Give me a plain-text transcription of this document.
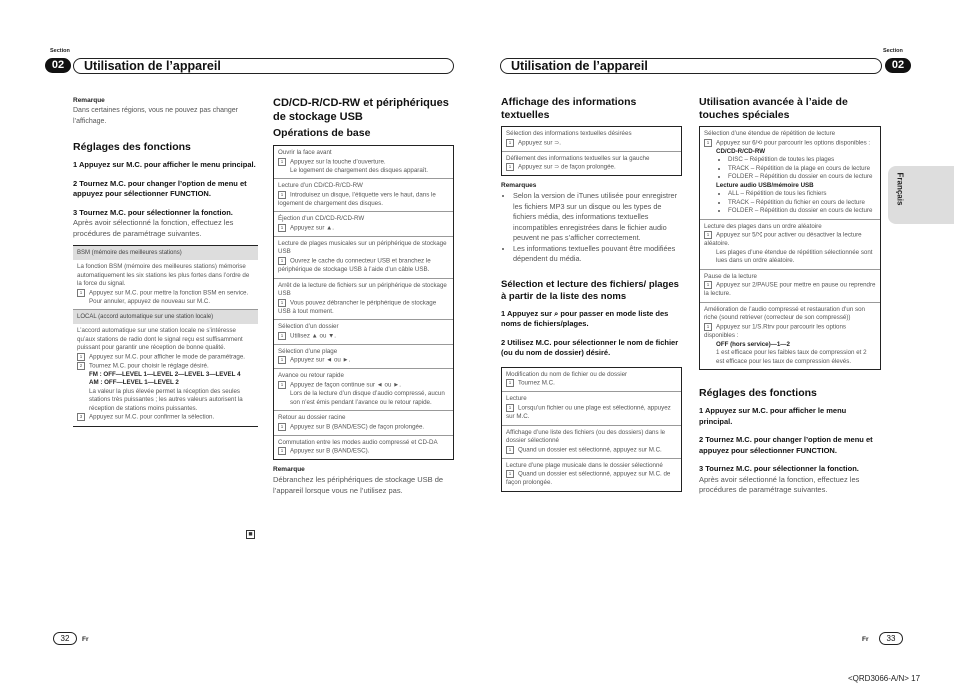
Section
02	Utilisation de l’appareil
Remarque
Dans certaines régions, vous ne pouvez pas changer l’affichage.
Réglages des fonctions
1 Appuyez sur M.C. pour afficher le menu principal.
2 Tournez M.C. pour changer l’option de menu et appuyez pour sélectionner FUNCTION.
3 Tournez M.C. pour sélectionner la fonction.
Après avoir sélectionné la fonction, effectuez les procédures de paramétrage suivantes.
BSM (mémoire des meilleures stations)
La fonction BSM (mémoire des meilleures stations) mémorise automatiquement les six stations les plus fortes dans l’ordre de la force du signal.
1 Appuyez sur M.C. pour mettre la fonction BSM en service.
Pour annuler, appuyez de nouveau sur M.C.
LOCAL (accord automatique sur une station locale)
L’accord automatique sur une station locale ne s’intéresse qu’aux stations de radio dont le signal reçu est suffisamment puissant pour garantir une réception de bonne qualité.
1 Appuyez sur M.C. pour afficher le mode de paramétrage.
2 Tournez M.C. pour choisir le réglage désiré.
FM : OFF—LEVEL 1—LEVEL 2—LEVEL 3—LEVEL 4
AM : OFF—LEVEL 1—LEVEL 2
La valeur la plus élevée permet la réception des seules stations très puissantes ; les autres valeurs autorisent la réception de stations moins puissantes.
3 Appuyez sur M.C. pour confirmer la sélection.
■
CD/CD-R/CD-RW et périphériques de stockage USB
Opérations de base
Ouvrir la face avant
1 Appuyez sur la touche d’ouverture.
Le logement de chargement des disques apparaît.
Lecture d’un CD/CD-R/CD-RW
1 Introduisez un disque, l’étiquette vers le haut, dans le logement de chargement des disques.
Éjection d’un CD/CD-R/CD-RW
1 Appuyez sur ▲.
Lecture de plages musicales sur un périphérique de stockage USB
1 Ouvrez le cache du connecteur USB et branchez le périphérique de stockage USB à l’aide d’un câble USB.
Arrêt de la lecture de fichiers sur un périphérique de stockage USB
1 Vous pouvez débrancher le périphérique de stockage USB à tout moment.
Sélection d’un dossier
1 Utilisez ▲ ou ▼.
Sélection d’une plage
1 Appuyez sur ◄ ou ►.
Avance ou retour rapide
1 Appuyez de façon continue sur ◄ ou ►.
Lors de la lecture d’un disque d’audio compressé, aucun son n’est émis pendant l’avance ou le retour rapide.
Retour au dossier racine
1 Appuyez sur B (BAND/ESC) de façon prolongée.
Commutation entre les modes audio compressé et CD-DA
1 Appuyez sur B (BAND/ESC).
Remarque
Débranchez les périphériques de stockage USB de l’appareil lorsque vous ne l’utilisez pas.
32	Fr
Section
Utilisation de l’appareil	02
Affichage des informations textuelles
Sélection des informations textuelles désirées
1 Appuyez sur ⊃.
Défilement des informations textuelles sur la gauche
1 Appuyez sur ⊃ de façon prolongée.
Remarques
• Selon la version de iTunes utilisée pour enregistrer les fichiers MP3 sur un disque ou les types de fichiers média, des informations textuelles incompatibles enregistrées dans le fichier audio peuvent ne pas s’afficher correctement.
• Les informations textuelles pouvant être modifiées dépendent du média.
Sélection et lecture des fichiers/ plages à partir de la liste des noms
1 Appuyez sur ⌕ pour passer en mode liste des noms de fichiers/plages.
2 Utilisez M.C. pour sélectionner le nom de fichier (ou du nom de dossier) désiré.
Modification du nom de fichier ou de dossier
1 Tournez M.C.
Lecture
1 Lorsqu’un fichier ou une plage est sélectionné, appuyez sur M.C.
Affichage d’une liste des fichiers (ou des dossiers) dans le dossier sélectionné
1 Quand un dossier est sélectionné, appuyez sur M.C.
Lecture d’une plage musicale dans le dossier sélectionné
1 Quand un dossier est sélectionné, appuyez sur M.C. de façon prolongée.
Utilisation avancée à l’aide de touches spéciales
Sélection d’une étendue de répétition de lecture
1 Appuyez sur 6/⟲ pour parcourir les options disponibles :
CD/CD-R/CD-RW
• DISC – Répétition de toutes les plages
• TRACK – Répétition de la plage en cours de lecture
• FOLDER – Répétition du dossier en cours de lecture
Lecture audio USB/mémoire USB
• ALL – Répétition de tous les fichiers
• TRACK – Répétition du fichier en cours de lecture
• FOLDER – Répétition du dossier en cours de lecture
Lecture des plages dans un ordre aléatoire
1 Appuyez sur 5/⤭ pour activer ou désactiver la lecture aléatoire.
Les plages d’une étendue de répétition sélectionnée sont lues dans un ordre aléatoire.
Pause de la lecture
1 Appuyez sur 2/PAUSE pour mettre en pause ou reprendre la lecture.
Amélioration de l’audio compressé et restauration d’un son riche (sound retriever (correcteur de son compressé))
1 Appuyez sur 1/S.Rtrv pour parcourir les options disponibles :
OFF (hors service)—1—2
1 est efficace pour les faibles taux de compression et 2 est efficace pour les taux de compression élevés.
Réglages des fonctions
1 Appuyez sur M.C. pour afficher le menu principal.
2 Tournez M.C. pour changer l’option de menu et appuyez pour sélectionner FUNCTION.
3 Tournez M.C. pour sélectionner la fonction.
Après avoir sélectionné la fonction, effectuez les procédures de paramétrage suivantes.
Français
Fr	33
<QRD3066-A/N> 17
